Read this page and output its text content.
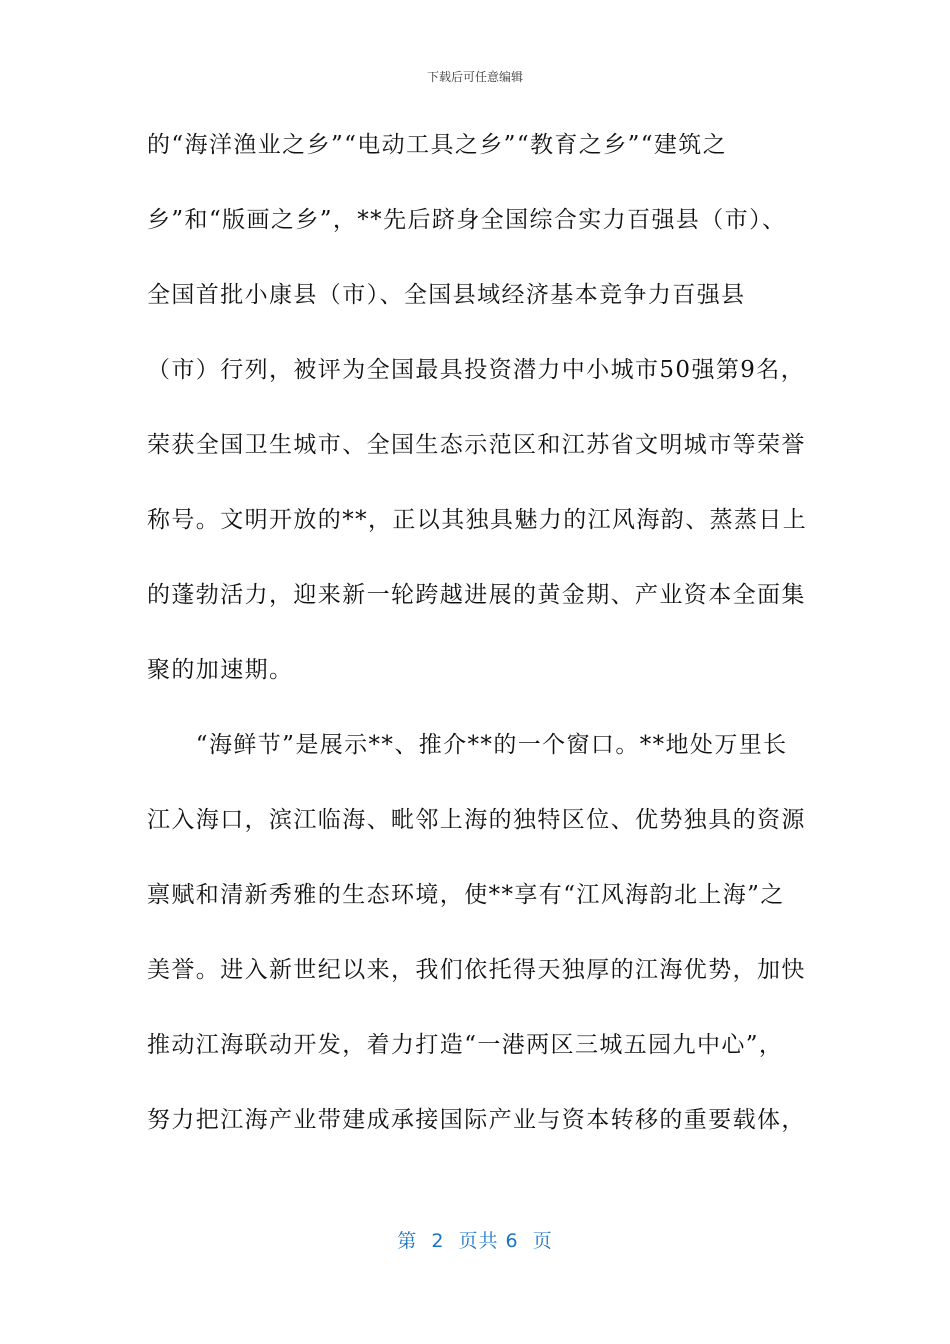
下载后可任意编辑
的“海洋渔业之乡”“电动工具之乡”“教育之乡”“建筑之
乡”和“版画之乡”，**先后跻身全国综合实力百强县（市）、
全国首批小康县（市）、全国县域经济基本竞争力百强县
（市）行列，被评为全国最具投资潜力中小城市50强第9名，
荣获全国卫生城市、全国生态示范区和江苏省文明城市等荣誉
称号。文明开放的**，正以其独具魅力的江风海韵、蒸蒸日上
的蓬勃活力，迎来新一轮跨越进展的黄金期、产业资本全面集
聚的加速期。
　　“海鲜节”是展示**、推介**的一个窗口。**地处万里长
江入海口，滨江临海、毗邻上海的独特区位、优势独具的资源
禀赋和清新秀雅的生态环境，使**享有“江风海韵北上海”之
美誉。进入新世纪以来，我们依托得天独厚的江海优势，加快
推动江海联动开发，着力打造“一港两区三城五园九中心”，
努力把江海产业带建成承接国际产业与资本转移的重要载体，
第  2  页共 6  页
